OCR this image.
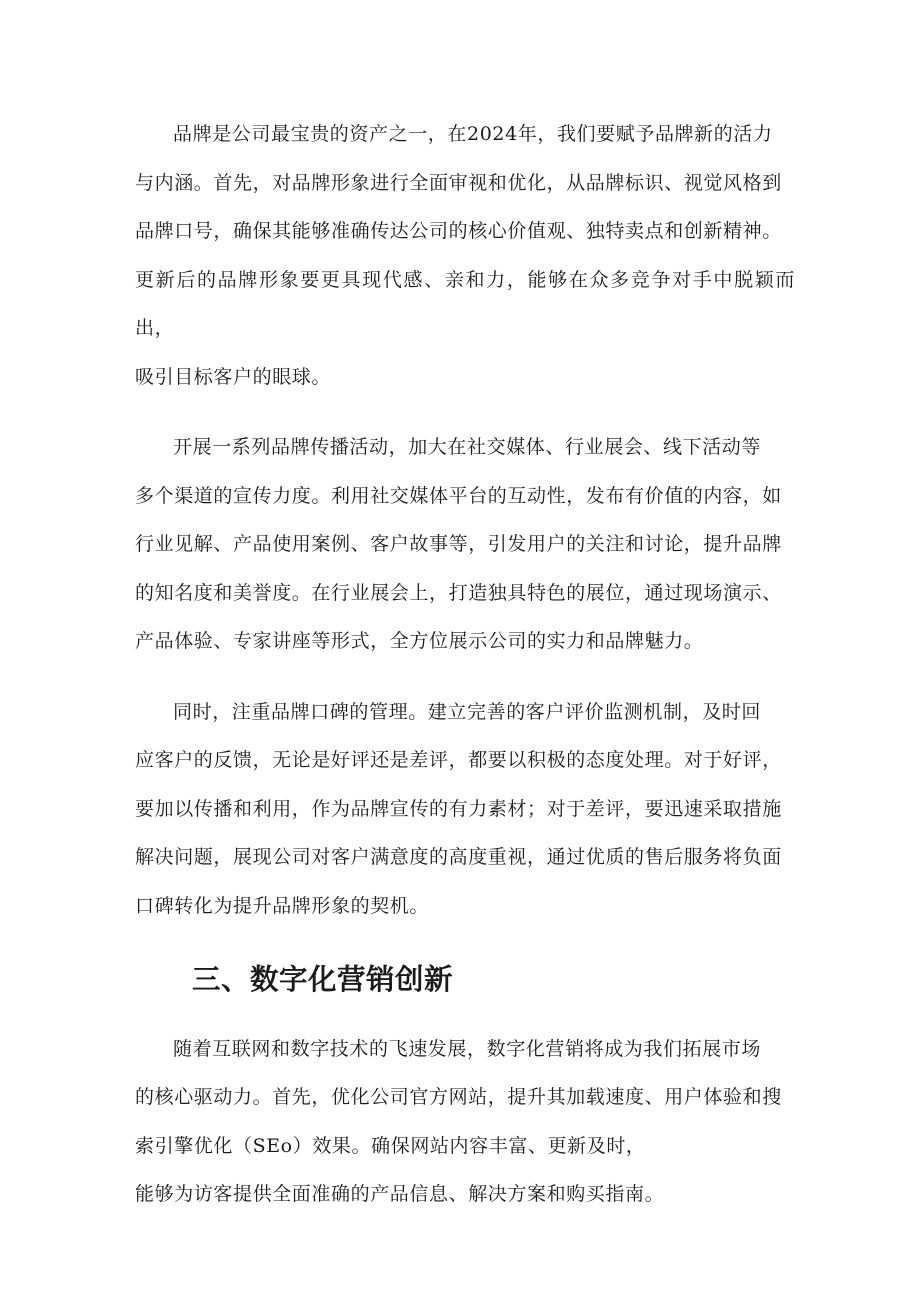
品牌是公司最宝贵的资产之一，在2024年，我们要赋予品牌新的活力
与内涵。首先，对品牌形象进行全面审视和优化，从品牌标识、视觉风格到
品牌口号，确保其能够准确传达公司的核心价值观、独特卖点和创新精神。
更新后的品牌形象要更具现代感、亲和力，能够在众多竞争对手中脱颖而出，
吸引目标客户的眼球。

开展一系列品牌传播活动，加大在社交媒体、行业展会、线下活动等
多个渠道的宣传力度。利用社交媒体平台的互动性，发布有价值的内容，如
行业见解、产品使用案例、客户故事等，引发用户的关注和讨论，提升品牌
的知名度和美誉度。在行业展会上，打造独具特色的展位，通过现场演示、
产品体验、专家讲座等形式，全方位展示公司的实力和品牌魅力。

同时，注重品牌口碑的管理。建立完善的客户评价监测机制，及时回
应客户的反馈，无论是好评还是差评，都要以积极的态度处理。对于好评，
要加以传播和利用，作为品牌宣传的有力素材；对于差评，要迅速采取措施
解决问题，展现公司对客户满意度的高度重视，通过优质的售后服务将负面
口碑转化为提升品牌形象的契机。

三、数字化营销创新

随着互联网和数字技术的飞速发展，数字化营销将成为我们拓展市场
的核心驱动力。首先，优化公司官方网站，提升其加载速度、用户体验和搜
索引擎优化（SEo）效果。确保网站内容丰富、更新及时，
能够为访客提供全面准确的产品信息、解决方案和购买指南。
